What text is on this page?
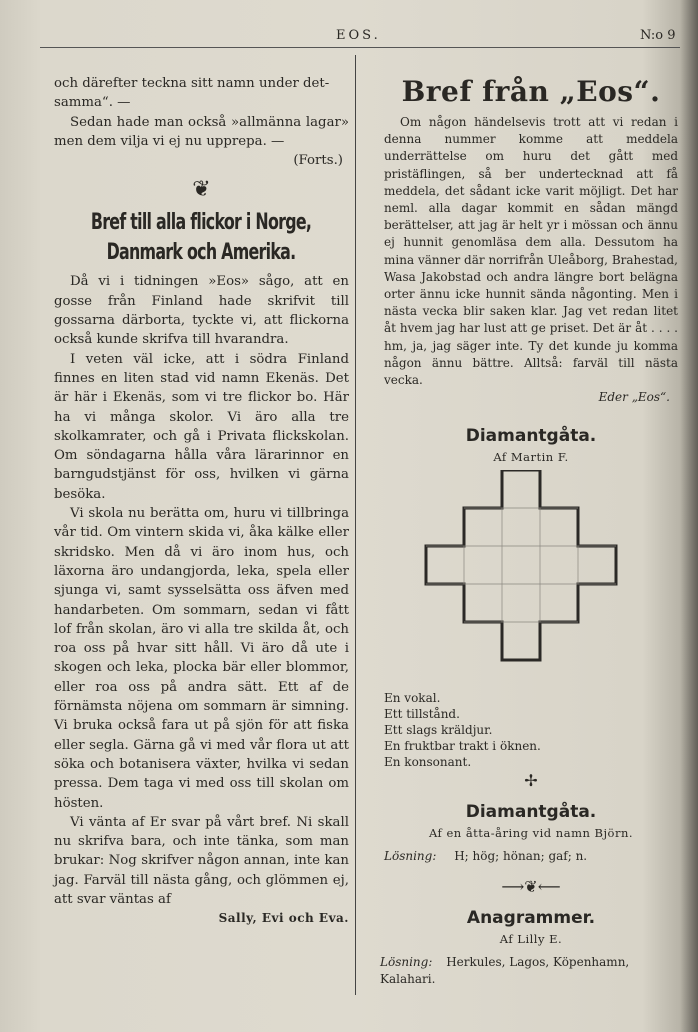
EOS.	N:o 9
och därefter teckna sitt namn under det-
samma“. —
Sedan hade man också »allmänna lagar» men dem vilja vi ej nu upprepa. —
(Forts.)
❦
Bref till alla flickor i Norge, Danmark och Amerika.
Då vi i tidningen »Eos» sågo, att en gosse från Finland hade skrifvit till gossarna därborta, tyckte vi, att flickorna också kunde skrifva till hvarandra.
I veten väl icke, att i södra Finland finnes en liten stad vid namn Ekenäs. Det är här i Ekenäs, som vi tre flickor bo. Här ha vi många skolor. Vi äro alla tre skolkamrater, och gå i Privata flickskolan. Om söndagarna hålla våra lärarinnor en barngudstjänst för oss, hvilken vi gärna besöka.
Vi skola nu berätta om, huru vi tillbringa vår tid. Om vintern skida vi, åka kälke eller skridsko. Men då vi äro inom hus, och läxorna äro undangjorda, leka, spela eller sjunga vi, samt sysselsätta oss äfven med handarbeten. Om sommarn, sedan vi fått lof från skolan, äro vi alla tre skilda åt, och roa oss på hvar sitt håll. Vi äro då ute i skogen och leka, plocka bär eller blommor, eller roa oss på andra sätt. Ett af de förnämsta nöjena om sommarn är simning. Vi bruka också fara ut på sjön för att fiska eller segla. Gärna gå vi med vår flora ut att söka och botanisera växter, hvilka vi sedan pressa. Dem taga vi med oss till skolan om hösten.
Vi vänta af Er svar på vårt bref. Ni skall nu skrifva bara, och inte tänka, som man brukar: Nog skrifver någon annan, inte kan jag. Farväl till nästa gång, och glömmen ej, att svar väntas af
Sally, Evi och Eva.
Bref från „Eos“.
Om någon händelsevis trott att vi redan i denna nummer komme att meddela underrättelse om huru det gått med pristäflingen, så ber undertecknad att få meddela, det sådant icke varit möjligt. Det har neml. alla dagar kommit en sådan mängd berättelser, att jag är helt yr i mössan och ännu ej hunnit genomläsa dem alla. Dessutom ha mina vänner där norrifrån Uleåborg, Brahestad, Wasa Jakobstad och andra längre bort belägna orter ännu icke hunnit sända någonting. Men i nästa vecka blir saken klar. Jag vet redan litet åt hvem jag har lust att ge priset. Det är åt . . . . hm, ja, jag säger inte. Ty det kunde ju komma någon ännu bättre. Alltså: farväl till nästa vecka.
Eder „Eos“.
Diamantgåta.
Af Martin F.
En vokal.
Ett tillstånd.
Ett slags kräldjur.
En fruktbar trakt i öknen.
En konsonant.
✢
Diamantgåta.
Af en åtta-åring vid namn Björn.
Lösning: H; hög; hönan; gaf; n.
⟶❦⟵
Anagrammer.
Af Lilly E.
Lösning: Herkules, Lagos, Köpenhamn, Kalahari.
